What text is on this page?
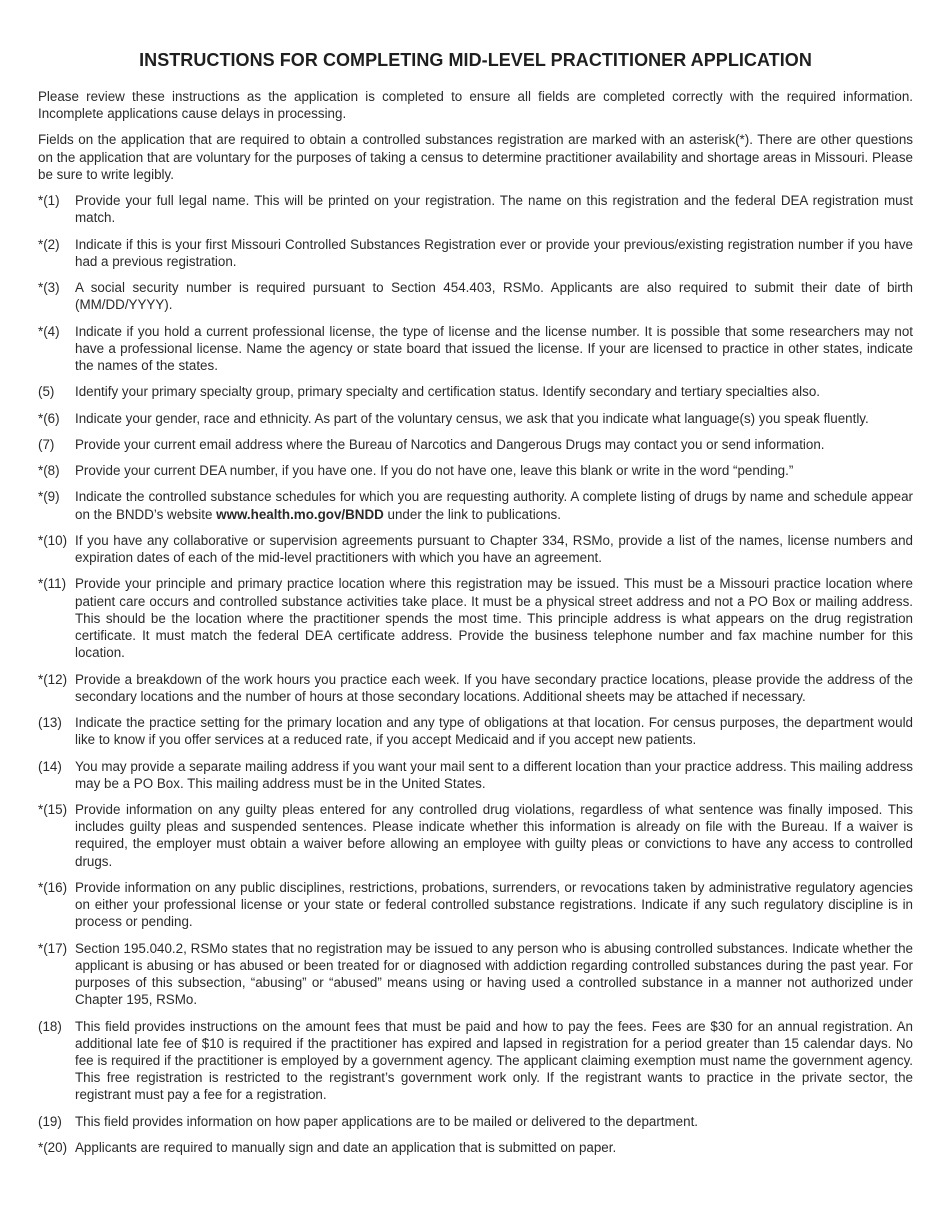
INSTRUCTIONS FOR COMPLETING MID-LEVEL PRACTITIONER APPLICATION

Please review these instructions as the application is completed to ensure all fields are completed correctly with the required information. Incomplete applications cause delays in processing.

Fields on the application that are required to obtain a controlled substances registration are marked with an asterisk(*). There are other questions on the application that are voluntary for the purposes of taking a census to determine practitioner availability and shortage areas in Missouri. Please be sure to write legibly.

*(1)	Provide your full legal name. This will be printed on your registration. The name on this registration and the federal DEA registration must match.
*(2)	Indicate if this is your first Missouri Controlled Substances Registration ever or provide your previous/existing registration number if you have had a previous registration.
*(3)	A social security number is required pursuant to Section 454.403, RSMo. Applicants are also required to submit their date of birth (MM/DD/YYYY).
*(4)	Indicate if you hold a current professional license, the type of license and the license number. It is possible that some researchers may not have a professional license. Name the agency or state board that issued the license. If your are licensed to practice in other states, indicate the names of the states.
(5)	Identify your primary specialty group, primary specialty and certification status. Identify secondary and tertiary specialties also.
*(6)	Indicate your gender, race and ethnicity. As part of the voluntary census, we ask that you indicate what language(s) you speak fluently.
(7)	Provide your current email address where the Bureau of Narcotics and Dangerous Drugs may contact you or send information.
*(8)	Provide your current DEA number, if you have one. If you do not have one, leave this blank or write in the word “pending.”
*(9)	Indicate the controlled substance schedules for which you are requesting authority. A complete listing of drugs by name and schedule appear on the BNDD’s website www.health.mo.gov/BNDD under the link to publications.
*(10) If you have any collaborative or supervision agreements pursuant to Chapter 334, RSMo, provide a list of the names, license numbers and expiration dates of each of the mid-level practitioners with which you have an agreement.
*(11) Provide your principle and primary practice location where this registration may be issued. This must be a Missouri practice location where patient care occurs and controlled substance activities take place. It must be a physical street address and not a PO Box or mailing address. This should be the location where the practitioner spends the most time. This principle address is what appears on the drug registration certificate. It must match the federal DEA certificate address. Provide the business telephone number and fax machine number for this location.
*(12) Provide a breakdown of the work hours you practice each week. If you have secondary practice locations, please provide the address of the secondary locations and the number of hours at those secondary locations. Additional sheets may be attached if necessary.
(13) Indicate the practice setting for the primary location and any type of obligations at that location. For census purposes, the department would like to know if you offer services at a reduced rate, if you accept Medicaid and if you accept new patients.
(14) You may provide a separate mailing address if you want your mail sent to a different location than your practice address. This mailing address may be a PO Box. This mailing address must be in the United States.
*(15) Provide information on any guilty pleas entered for any controlled drug violations, regardless of what sentence was finally imposed. This includes guilty pleas and suspended sentences. Please indicate whether this information is already on file with the Bureau. If a waiver is required, the employer must obtain a waiver before allowing an employee with guilty pleas or convictions to have any access to controlled drugs.
*(16) Provide information on any public disciplines, restrictions, probations, surrenders, or revocations taken by administrative regulatory agencies on either your professional license or your state or federal controlled substance registrations. Indicate if any such regulatory discipline is in process or pending.
*(17) Section 195.040.2, RSMo states that no registration may be issued to any person who is abusing controlled substances. Indicate whether the applicant is abusing or has abused or been treated for or diagnosed with addiction regarding controlled substances during the past year. For purposes of this subsection, “abusing” or “abused” means using or having used a controlled substance in a manner not authorized under Chapter 195, RSMo.
(18) This field provides instructions on the amount fees that must be paid and how to pay the fees. Fees are $30 for an annual registration. An additional late fee of $10 is required if the practitioner has expired and lapsed in registration for a period greater than 15 calendar days. No fee is required if the practitioner is employed by a government agency. The applicant claiming exemption must name the government agency. This free registration is restricted to the registrant’s government work only. If the registrant wants to practice in the private sector, the registrant must pay a fee for a registration.
(19) This field provides information on how paper applications are to be mailed or delivered to the department.
*(20) Applicants are required to manually sign and date an application that is submitted on paper.
